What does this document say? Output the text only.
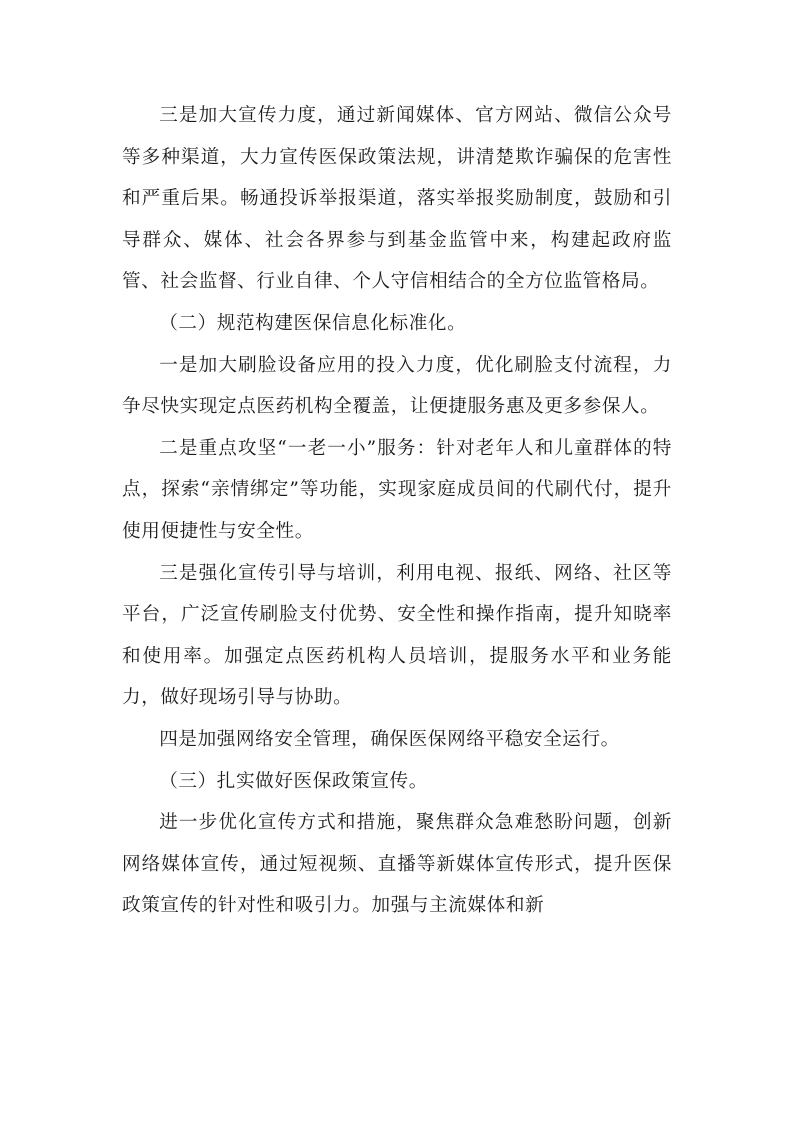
三是加大宣传力度，通过新闻媒体、官方网站、微信公众号等多种渠道，大力宣传医保政策法规，讲清楚欺诈骗保的危害性和严重后果。畅通投诉举报渠道，落实举报奖励制度，鼓励和引导群众、媒体、社会各界参与到基金监管中来，构建起政府监管、社会监督、行业自律、个人守信相结合的全方位监管格局。

（二）规范构建医保信息化标准化。

一是加大刷脸设备应用的投入力度，优化刷脸支付流程，力争尽快实现定点医药机构全覆盖，让便捷服务惠及更多参保人。

二是重点攻坚“一老一小”服务：针对老年人和儿童群体的特点，探索“亲情绑定”等功能，实现家庭成员间的代刷代付，提升使用便捷性与安全性。

三是强化宣传引导与培训，利用电视、报纸、网络、社区等平台，广泛宣传刷脸支付优势、安全性和操作指南，提升知晓率和使用率。加强定点医药机构人员培训，提服务水平和业务能力，做好现场引导与协助。

四是加强网络安全管理，确保医保网络平稳安全运行。

（三）扎实做好医保政策宣传。

进一步优化宣传方式和措施，聚焦群众急难愁盼问题，创新网络媒体宣传，通过短视频、直播等新媒体宣传形式，提升医保政策宣传的针对性和吸引力。加强与主流媒体和新
